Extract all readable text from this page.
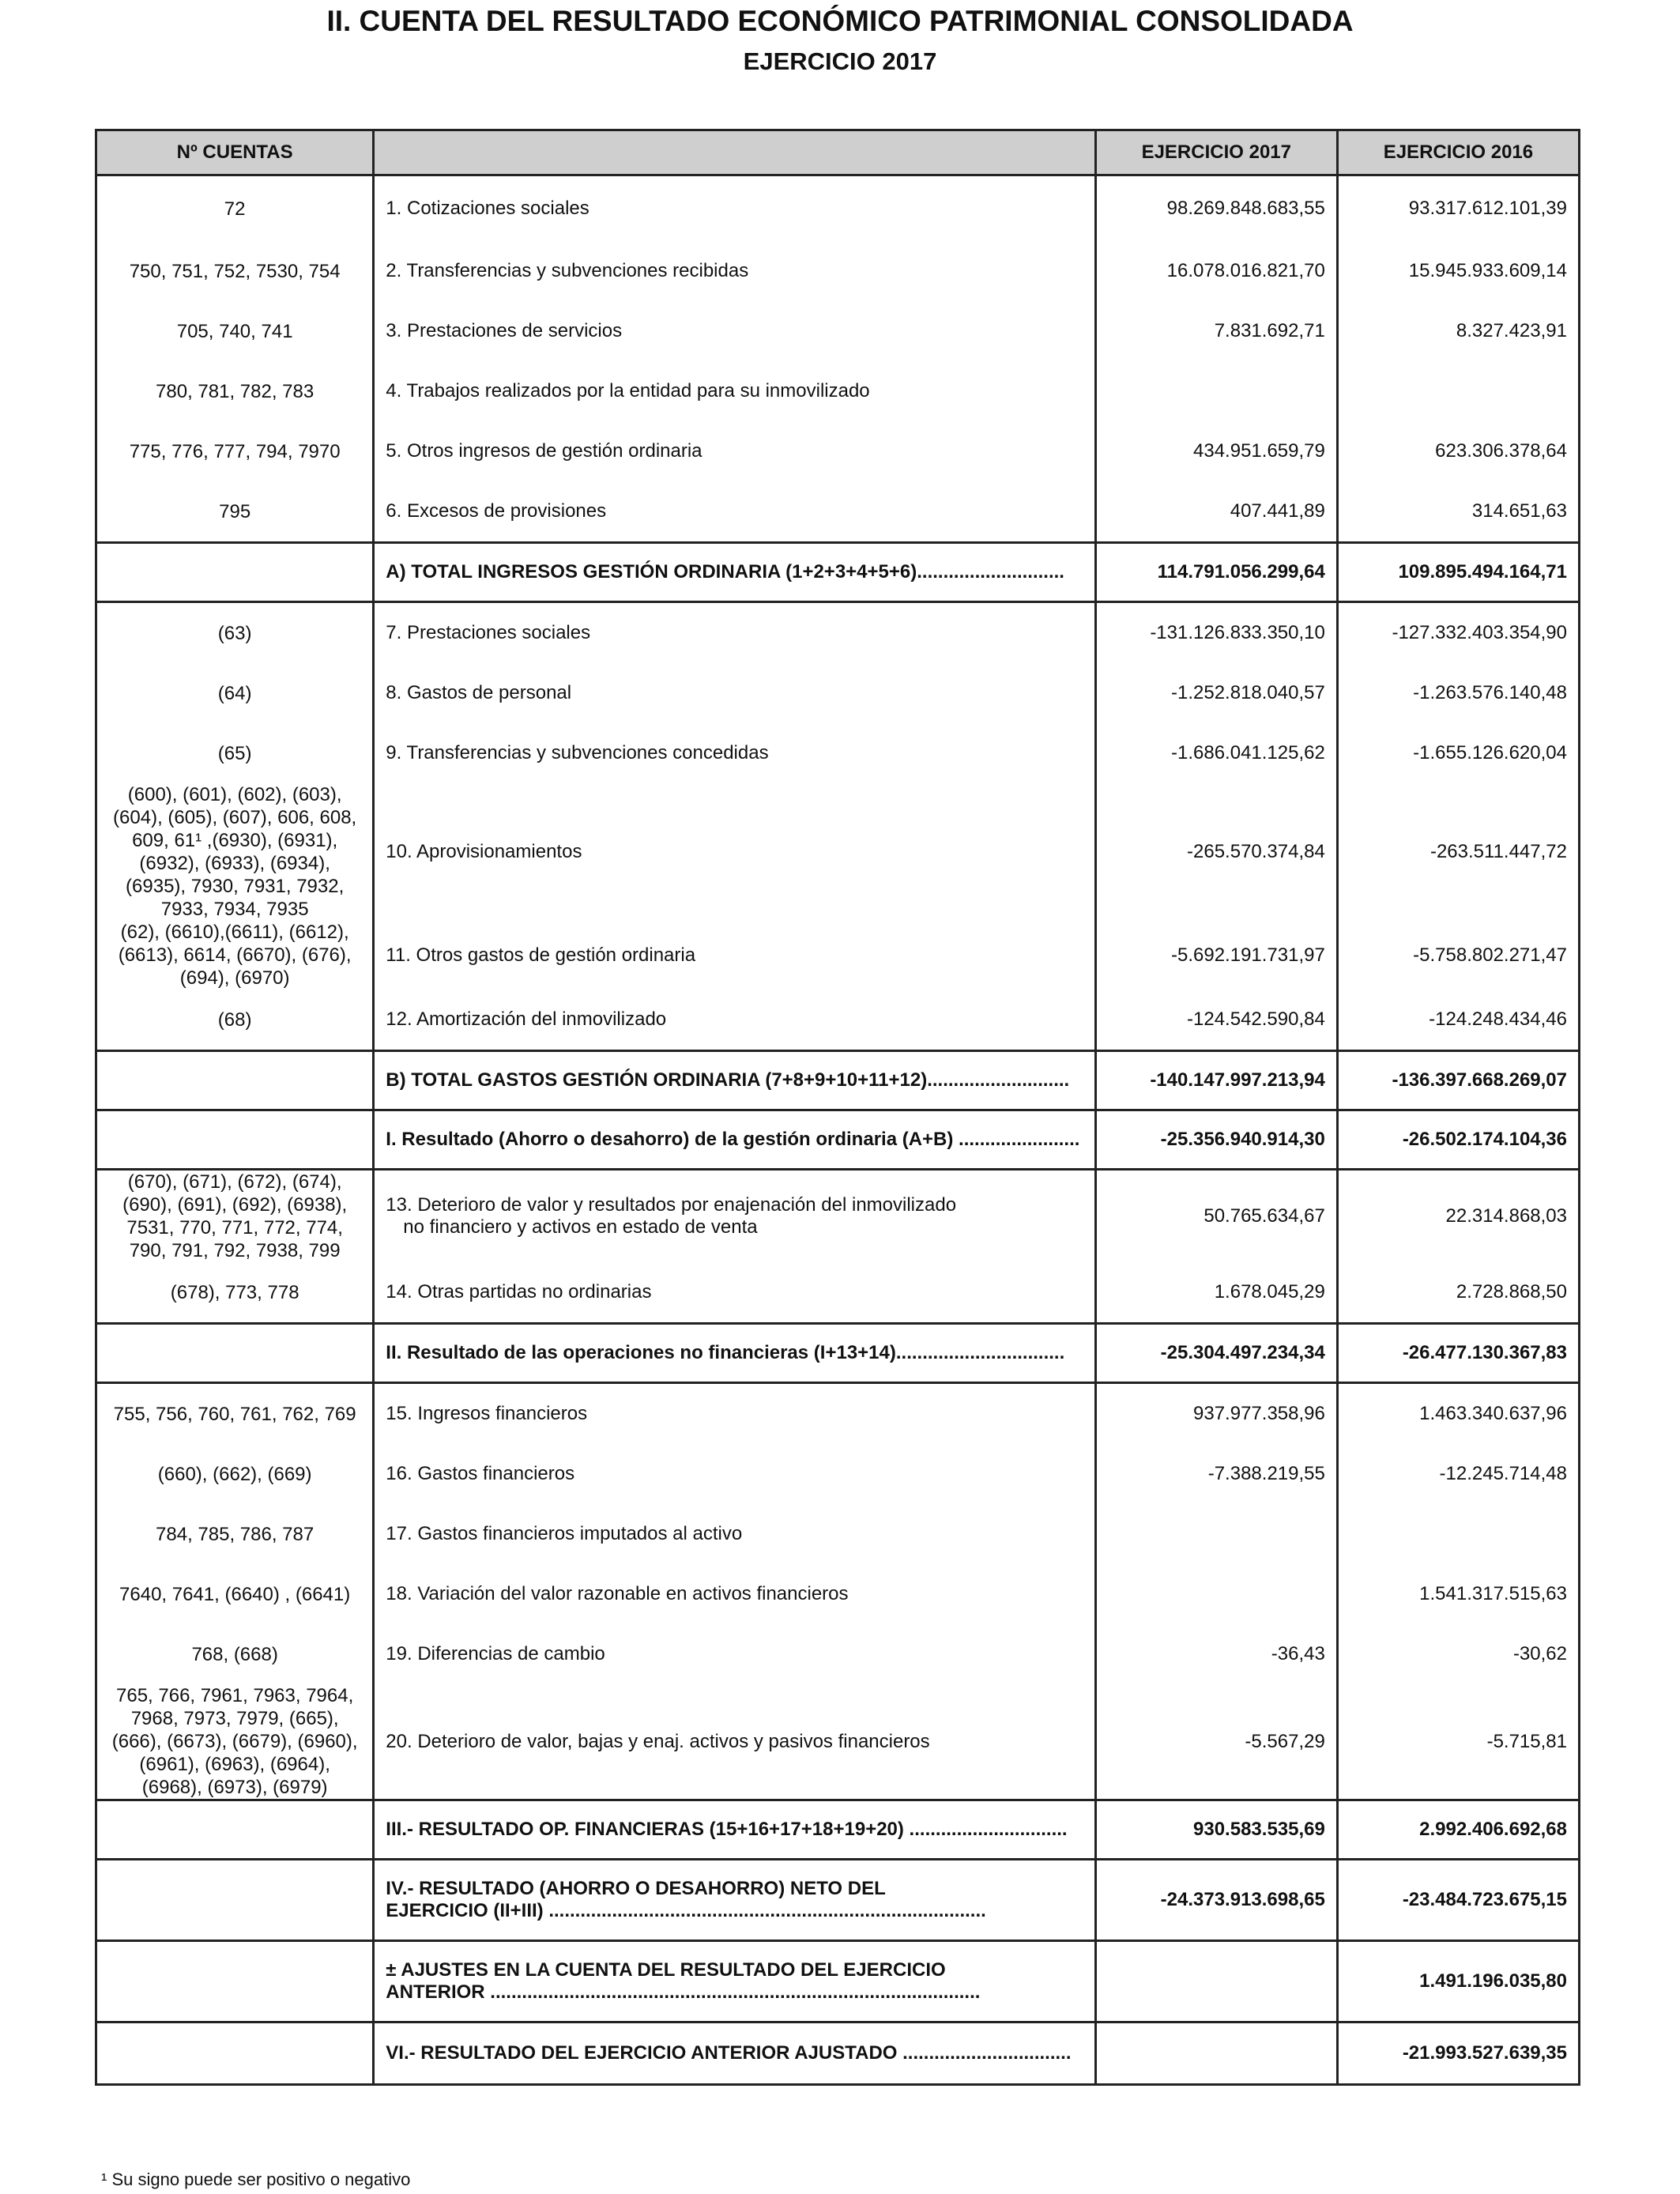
II. CUENTA DEL RESULTADO ECONÓMICO PATRIMONIAL CONSOLIDADA
EJERCICIO 2017
Nº CUENTAS		EJERCICIO 2017	EJERCICIO 2016
72	1. Cotizaciones sociales	98.269.848.683,55	93.317.612.101,39
750, 751, 752, 7530, 754	2. Transferencias y subvenciones recibidas	16.078.016.821,70	15.945.933.609,14
705, 740, 741	3. Prestaciones de servicios	7.831.692,71	8.327.423,91
780, 781, 782, 783	4. Trabajos realizados por la entidad para su inmovilizado		
775, 776, 777, 794, 7970	5. Otros ingresos de gestión ordinaria	434.951.659,79	623.306.378,64
795	6. Excesos de provisiones	407.441,89	314.651,63
	A) TOTAL INGRESOS GESTIÓN ORDINARIA (1+2+3+4+5+6)............................	114.791.056.299,64	109.895.494.164,71
(63)	7. Prestaciones sociales	-131.126.833.350,10	-127.332.403.354,90
(64)	8. Gastos de personal	-1.252.818.040,57	-1.263.576.140,48
(65)	9. Transferencias y subvenciones concedidas	-1.686.041.125,62	-1.655.126.620,04
(600), (601), (602), (603), (604), (605), (607), 606, 608, 609, 61¹ ,(6930), (6931), (6932), (6933), (6934), (6935), 7930, 7931, 7932, 7933, 7934, 7935	10. Aprovisionamientos	-265.570.374,84	-263.511.447,72
(62), (6610),(6611), (6612), (6613), 6614, (6670), (676), (694), (6970)	11. Otros gastos de gestión ordinaria	-5.692.191.731,97	-5.758.802.271,47
(68)	12. Amortización del inmovilizado	-124.542.590,84	-124.248.434,46
	B) TOTAL GASTOS GESTIÓN ORDINARIA (7+8+9+10+11+12)...........................	-140.147.997.213,94	-136.397.668.269,07
	I. Resultado (Ahorro o desahorro) de la gestión ordinaria (A+B) .......................	-25.356.940.914,30	-26.502.174.104,36
(670), (671), (672), (674), (690), (691), (692), (6938), 7531, 770, 771, 772, 774, 790, 791, 792, 7938, 799	13. Deterioro de valor y resultados por enajenación del inmovilizado
no financiero y activos en estado de venta	50.765.634,67	22.314.868,03
(678), 773, 778	14. Otras partidas no ordinarias	1.678.045,29	2.728.868,50
	II. Resultado de las operaciones no financieras (I+13+14)................................	-25.304.497.234,34	-26.477.130.367,83
755, 756, 760, 761, 762, 769	15. Ingresos financieros	937.977.358,96	1.463.340.637,96
(660), (662), (669)	16. Gastos financieros	-7.388.219,55	-12.245.714,48
784, 785, 786, 787	17. Gastos financieros imputados al activo		
7640, 7641, (6640) , (6641)	18. Variación del valor razonable en activos financieros		1.541.317.515,63
768, (668)	19. Diferencias de cambio	-36,43	-30,62
765, 766, 7961, 7963, 7964, 7968, 7973, 7979, (665), (666), (6673), (6679), (6960), (6961), (6963), (6964), (6968), (6973), (6979)	20. Deterioro de valor, bajas y enaj. activos y pasivos financieros	-5.567,29	-5.715,81
	III.- RESULTADO OP. FINANCIERAS (15+16+17+18+19+20) ..............................	930.583.535,69	2.992.406.692,68
	IV.- RESULTADO (AHORRO O DESAHORRO) NETO DEL
EJERCICIO (II+III) ...................................................................................	-24.373.913.698,65	-23.484.723.675,15
	± AJUSTES EN LA CUENTA DEL RESULTADO DEL EJERCICIO
ANTERIOR .............................................................................................		1.491.196.035,80
	VI.- RESULTADO DEL EJERCICIO ANTERIOR AJUSTADO ................................		-21.993.527.639,35
¹ Su signo puede ser positivo o negativo
